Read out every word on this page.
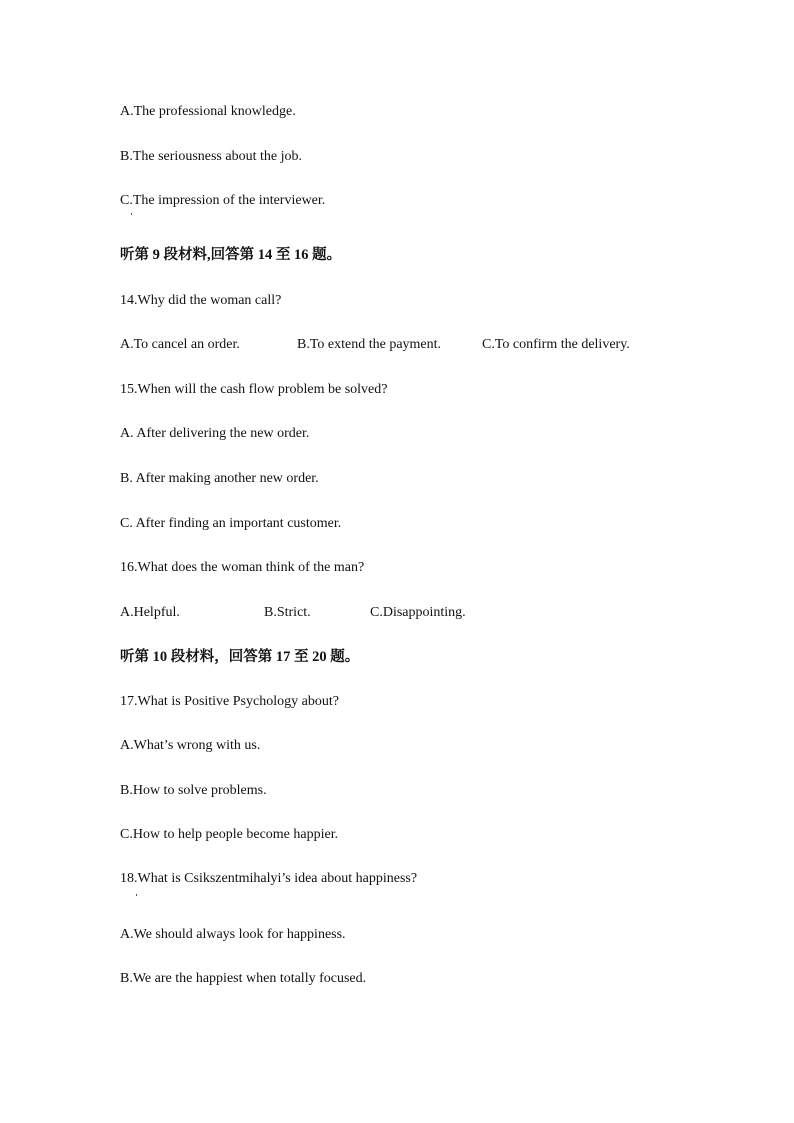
A.The professional knowledge.
B.The seriousness about the job.
C.The impression of the interviewer.
听第 9 段材料,回答第 14 至 16 题。
14.Why did the woman call?
A.To cancel an order.	B.To extend the payment.	C.To confirm the delivery.
15.When will the cash flow problem be solved?
A. After delivering the new order.
B. After making another new order.
C. After finding an important customer.
16.What does the woman think of the man?
A.Helpful.	B.Strict.	C.Disappointing.
听第 10 段材料，回答第 17 至 20 题。
17.What is Positive Psychology about?
A.What’s wrong with us.
B.How to solve problems.
C.How to help people become happier.
18.What is Csikszentmihalyi’s idea about happiness?
A.We should always look for happiness.
B.We are the happiest when totally focused.
